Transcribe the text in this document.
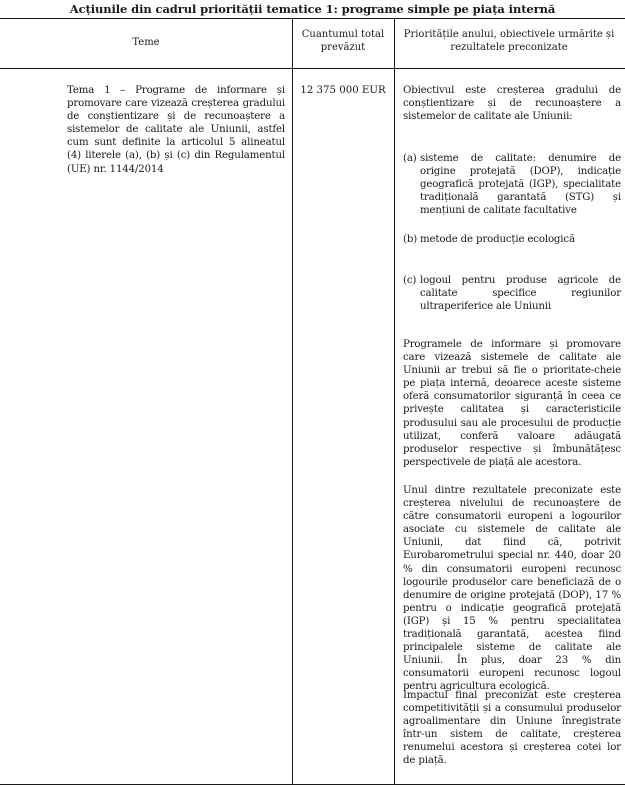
Acțiunile din cadrul priorității tematice 1: programe simple pe piața internă
Teme
Cuantumul total prevăzut
Prioritățile anului, obiectivele urmărite și rezultatele preconizate
Tema 1 – Programe de informare și promovare care vizează creșterea gradului de conștientizare și de recunoaștere a sistemelor de calitate ale Uniunii, astfel cum sunt definite la articolul 5 alineatul (4) literele (a), (b) și (c) din Regulamentul (UE) nr. 1144/2014
12 375 000 EUR	Obiectivul este creșterea gradului de conștientizare și de recunoaștere a sistemelor de calitate ale Uniunii:
(a) sisteme de calitate: denumire de origine protejată (DOP), indicație geografică protejată (IGP), specialitate tradițională garantată (STG) și mențiuni de calitate facultative
(b) metode de producție ecologică
(c) logoul pentru produse agricole de calitate specifice regiunilor ultraperiferice ale Uniunii
Programele de informare și promovare care vizează sistemele de calitate ale Uniunii ar trebui să fie o prioritate-cheie pe piața internă, deoarece aceste sisteme oferă consumatorilor siguranță în ceea ce privește calitatea și caracteristicile produsului sau ale procesului de producție utilizat, conferă valoare adăugată produselor respective și îmbunătățesc perspectivele de piață ale acestora.
Unul dintre rezultatele preconizate este creșterea nivelului de recunoaștere de către consumatorii europeni a logourilor asociate cu sistemele de calitate ale Uniunii, dat fiind că, potrivit Eurobarometrului special nr. 440, doar 20 % din consumatorii europeni recunosc logourile produselor care beneficiază de o denumire de origine protejată (DOP), 17 % pentru o indicație geografică protejată (IGP) și 15 % pentru specialitatea tradițională garantată, acestea fiind principalele sisteme de calitate ale Uniunii. În plus, doar 23 % din consumatorii europeni recunosc logoul pentru agricultura ecologică.
Impactul final preconizat este creșterea competitivității și a consumului produselor agroalimentare din Uniune înregistrate într-un sistem de calitate, creșterea renumelui acestora și creșterea cotei lor de piață.
